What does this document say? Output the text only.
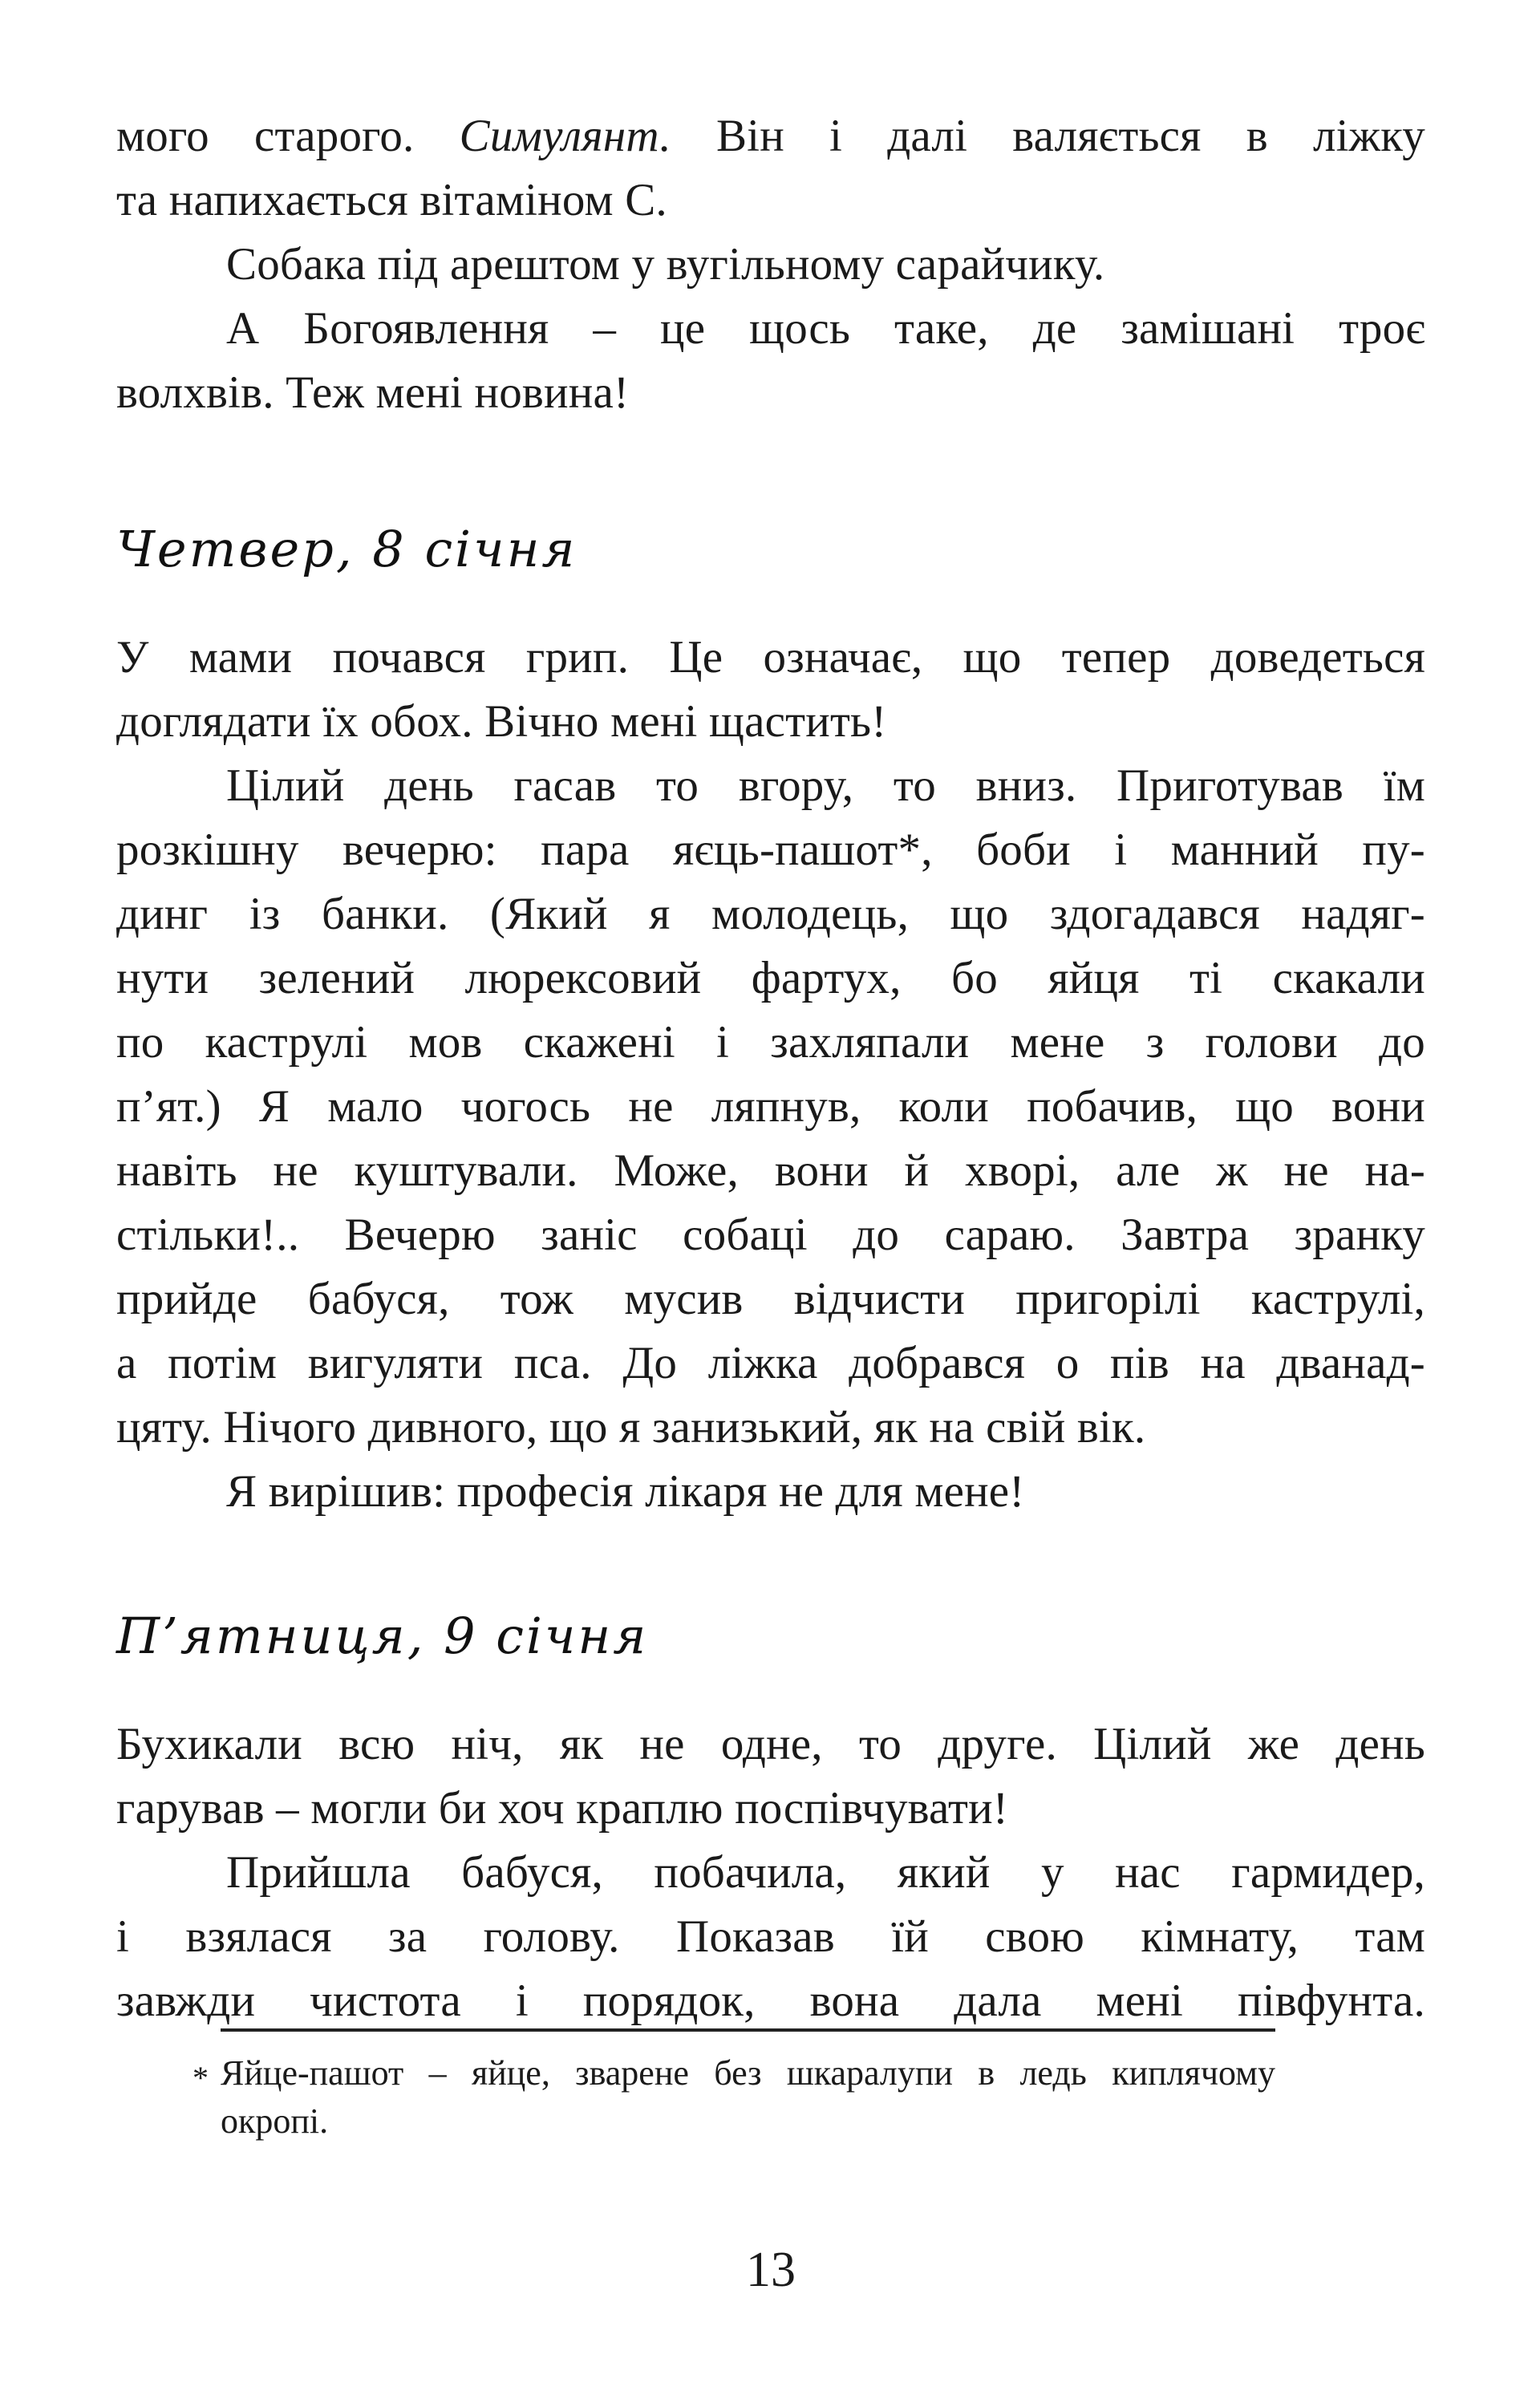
мого старого. Симулянт. Він і далі валяється в ліжку
та напихається вітаміном С.
Собака під арештом у вугільному сарайчику.
А Богоявлення – це щось таке, де замішані троє
волхвів. Теж мені новина!
Четвер, 8 січня
У мами почався грип. Це означає, що тепер доведеться
доглядати їх обох. Вічно мені щастить!
Цілий день гасав то вгору, то вниз. Приготував їм
розкішну вечерю: пара яєць-пашот*, боби і манний пу-
динг із банки. (Який я молодець, що здогадався надяг-
нути зелений люрексовий фартух, бо яйця ті скакали
по каструлі мов скажені і захляпали мене з голови до
п’ят.) Я мало чогось не ляпнув, коли побачив, що вони
навіть не куштували. Може, вони й хворі, але ж не на-
стільки!.. Вечерю заніс собаці до сараю. Завтра зранку
прийде бабуся, тож мусив відчисти пригорілі каструлі,
а потім вигуляти пса. До ліжка добрався о пів на дванад-
цяту. Нічого дивного, що я занизький, як на свій вік.
Я вирішив: професія лікаря не для мене!
П’ятниця, 9 січня
Бухикали всю ніч, як не одне, то друге. Цілий же день
гарував – могли би хоч краплю поспівчувати!
Прийшла бабуся, побачила, який у нас гармидер,
і взялася за голову. Показав їй свою кімнату, там
завжди чистота і порядок, вона дала мені півфунта.
* Яйце-пашот – яйце, зварене без шкаралупи в ледь киплячому
окропі.
13
